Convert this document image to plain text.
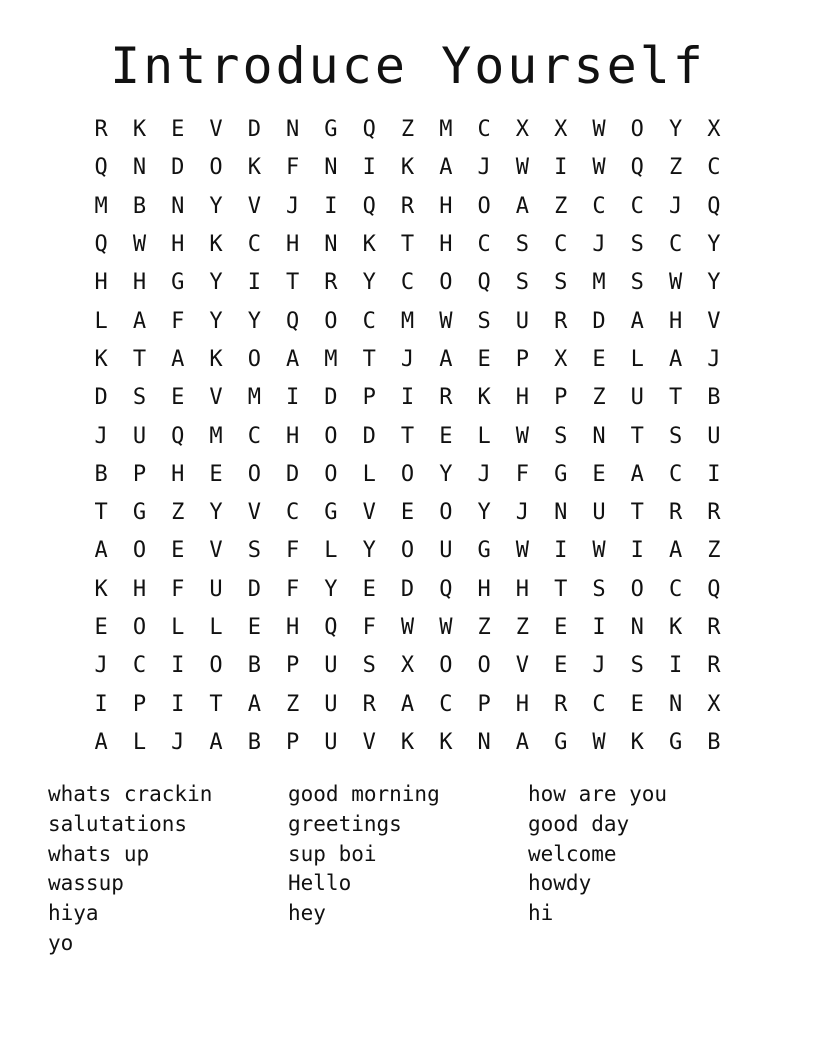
Introduce Yourself
R	K	E	V	D	N	G	Q	Z	M	C	X	X	W	O	Y	X
Q	N	D	O	K	F	N	I	K	A	J	W	I	W	Q	Z	C
M	B	N	Y	V	J	I	Q	R	H	O	A	Z	C	C	J	Q
Q	W	H	K	C	H	N	K	T	H	C	S	C	J	S	C	Y
H	H	G	Y	I	T	R	Y	C	O	Q	S	S	M	S	W	Y
L	A	F	Y	Y	Q	O	C	M	W	S	U	R	D	A	H	V
K	T	A	K	O	A	M	T	J	A	E	P	X	E	L	A	J
D	S	E	V	M	I	D	P	I	R	K	H	P	Z	U	T	B
J	U	Q	M	C	H	O	D	T	E	L	W	S	N	T	S	U
B	P	H	E	O	D	O	L	O	Y	J	F	G	E	A	C	I
T	G	Z	Y	V	C	G	V	E	O	Y	J	N	U	T	R	R
A	O	E	V	S	F	L	Y	O	U	G	W	I	W	I	A	Z
K	H	F	U	D	F	Y	E	D	Q	H	H	T	S	O	C	Q
E	O	L	L	E	H	Q	F	W	W	Z	Z	E	I	N	K	R
J	C	I	O	B	P	U	S	X	O	O	V	E	J	S	I	R
I	P	I	T	A	Z	U	R	A	C	P	H	R	C	E	N	X
A	L	J	A	B	P	U	V	K	K	N	A	G	W	K	G	B
whats crackin	good morning	how are you
salutations	greetings	good day
whats up	sup boi	welcome
wassup	Hello	howdy
hiya	hey	hi
yo
